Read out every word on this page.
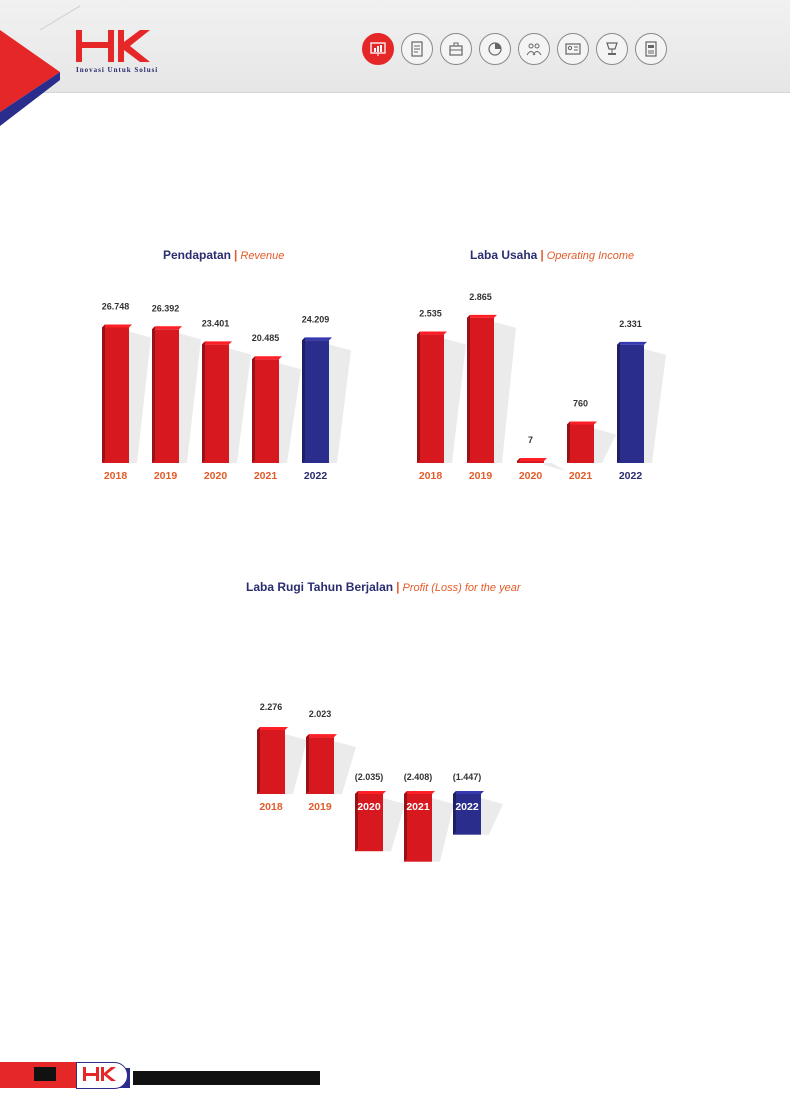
Inovasi Untuk Solusi
Pendapatan | Revenue
26.748
2018
26.392
2019
23.401
2020
20.485
2021
24.209
2022
Laba Usaha | Operating Income
2.535
2018
2.865
2019
7
2020
760
2021
2.331
2022
Laba Rugi Tahun Berjalan | Profit (Loss) for the year
2.276
2018
2.023
2019
(2.035)
2020
(2.408)
2021
(1.447)
2022
